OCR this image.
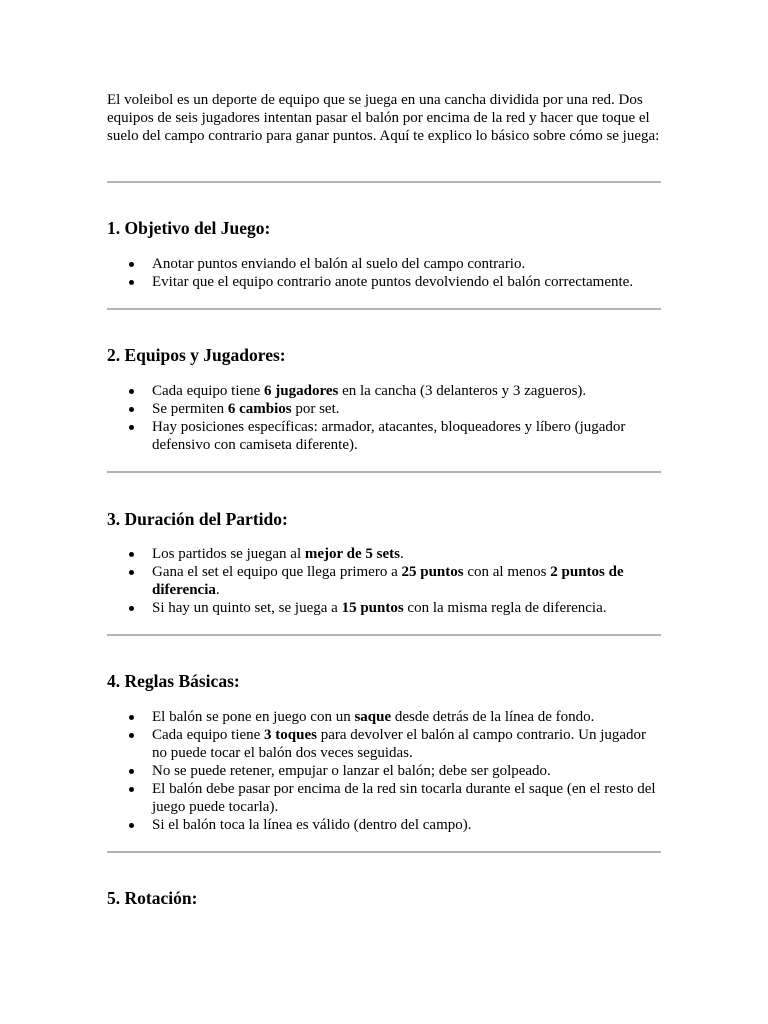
El voleibol es un deporte de equipo que se juega en una cancha dividida por una red. Dos equipos de seis jugadores intentan pasar el balón por encima de la red y hacer que toque el suelo del campo contrario para ganar puntos. Aquí te explico lo básico sobre cómo se juega:

1. Objetivo del Juego:
Anotar puntos enviando el balón al suelo del campo contrario.
Evitar que el equipo contrario anote puntos devolviendo el balón correctamente.
2. Equipos y Jugadores:
Cada equipo tiene 6 jugadores en la cancha (3 delanteros y 3 zagueros).
Se permiten 6 cambios por set.
Hay posiciones específicas: armador, atacantes, bloqueadores y líbero (jugador defensivo con camiseta diferente).
3. Duración del Partido:
Los partidos se juegan al mejor de 5 sets.
Gana el set el equipo que llega primero a 25 puntos con al menos 2 puntos de diferencia.
Si hay un quinto set, se juega a 15 puntos con la misma regla de diferencia.
4. Reglas Básicas:
El balón se pone en juego con un saque desde detrás de la línea de fondo.
Cada equipo tiene 3 toques para devolver el balón al campo contrario. Un jugador no puede tocar el balón dos veces seguidas.
No se puede retener, empujar o lanzar el balón; debe ser golpeado.
El balón debe pasar por encima de la red sin tocarla durante el saque (en el resto del juego puede tocarla).
Si el balón toca la línea es válido (dentro del campo).
5. Rotación:
